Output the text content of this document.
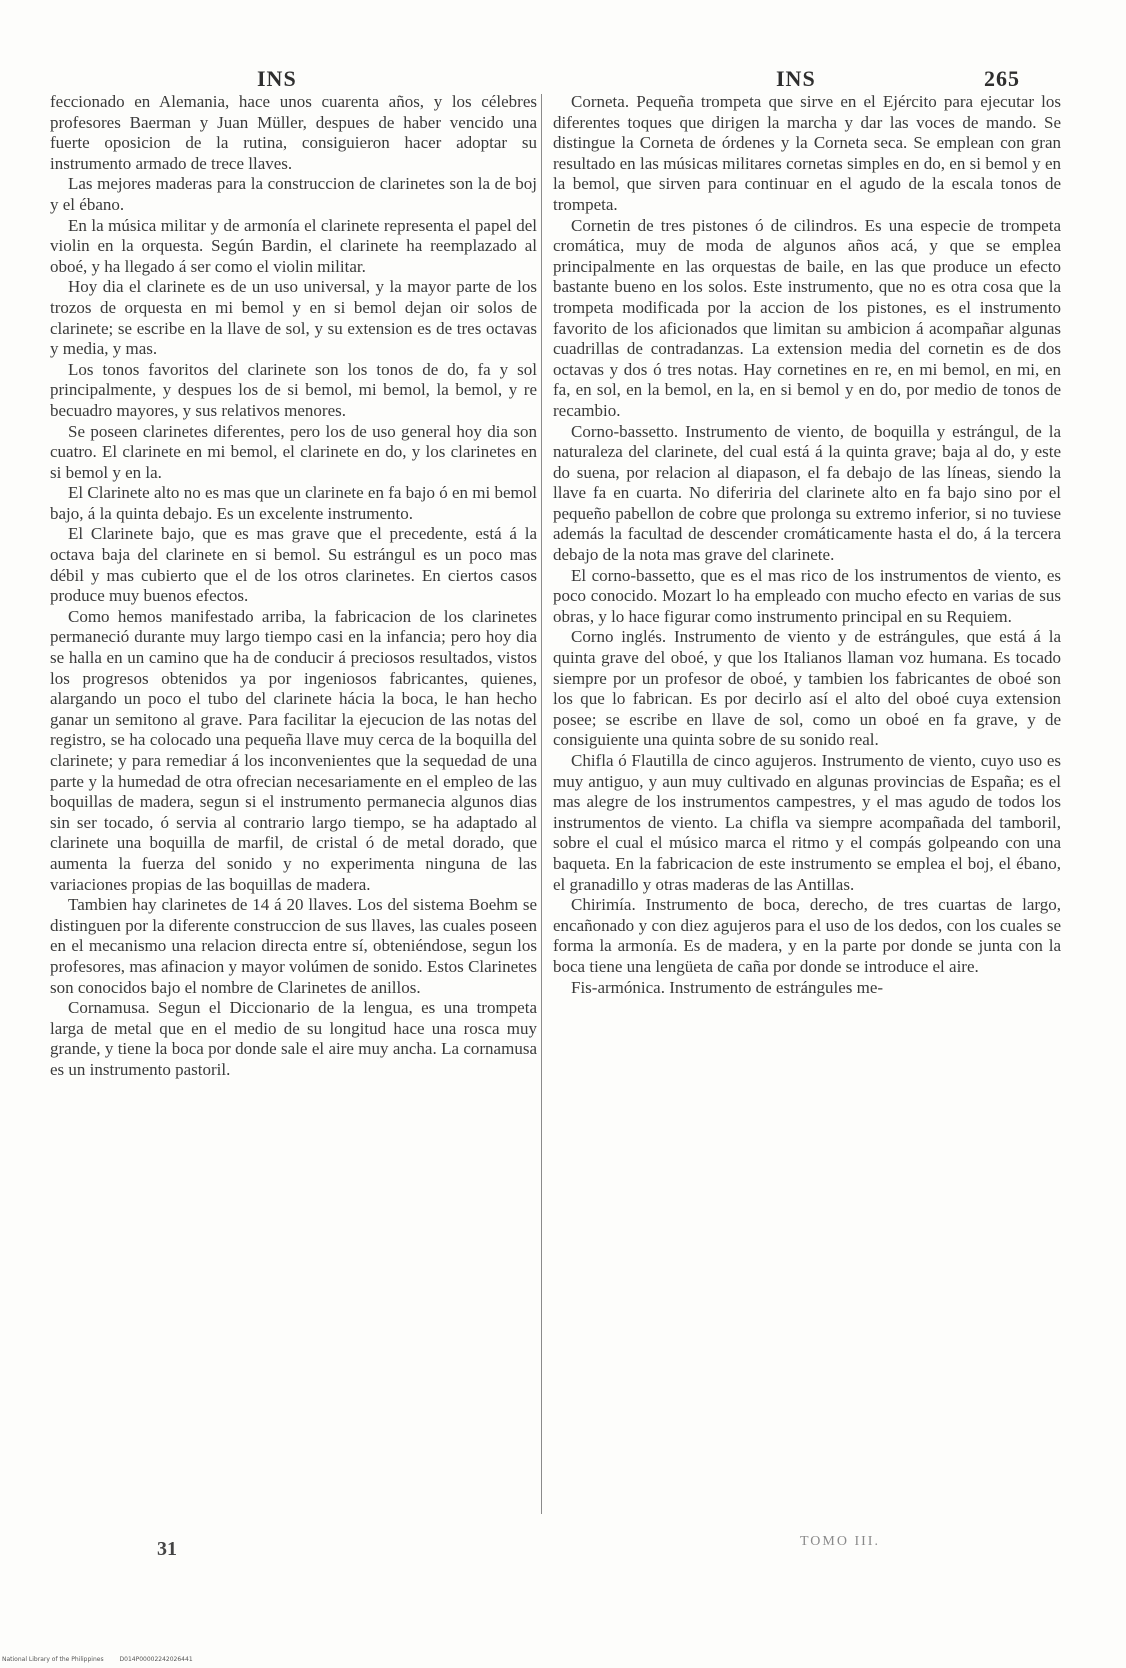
INS	INS	265

feccionado en Alemania, hace unos cuarenta años, y los célebres profesores Baerman y Juan Müller, despues de haber vencido una fuerte oposicion de la rutina, consiguieron hacer adoptar su instrumento armado de trece llaves.

Las mejores maderas para la construccion de clarinetes son la de boj y el ébano.

En la música militar y de armonía el clarinete representa el papel del violin en la orquesta. Según Bardin, el clarinete ha reemplazado al oboé, y ha llegado á ser como el violin militar.

Hoy dia el clarinete es de un uso universal, y la mayor parte de los trozos de orquesta en mi bemol y en si bemol dejan oir solos de clarinete; se escribe en la llave de sol, y su extension es de tres octavas y media, y mas.

Los tonos favoritos del clarinete son los tonos de do, fa y sol principalmente, y despues los de si bemol, mi bemol, la bemol, y re becuadro mayores, y sus relativos menores.

Se poseen clarinetes diferentes, pero los de uso general hoy dia son cuatro. El clarinete en mi bemol, el clarinete en do, y los clarinetes en si bemol y en la.

El Clarinete alto no es mas que un clarinete en fa bajo ó en mi bemol bajo, á la quinta debajo. Es un excelente instrumento.

El Clarinete bajo, que es mas grave que el precedente, está á la octava baja del clarinete en si bemol. Su estrángul es un poco mas débil y mas cubierto que el de los otros clarinetes. En ciertos casos produce muy buenos efectos.

Como hemos manifestado arriba, la fabricacion de los clarinetes permaneció durante muy largo tiempo casi en la infancia; pero hoy dia se halla en un camino que ha de conducir á preciosos resultados, vistos los progresos obtenidos ya por ingeniosos fabricantes, quienes, alargando un poco el tubo del clarinete hácia la boca, le han hecho ganar un semitono al grave. Para facilitar la ejecucion de las notas del registro, se ha colocado una pequeña llave muy cerca de la boquilla del clarinete; y para remediar á los inconvenientes que la sequedad de una parte y la humedad de otra ofrecian necesariamente en el empleo de las boquillas de madera, segun si el instrumento permanecia algunos dias sin ser tocado, ó servia al contrario largo tiempo, se ha adaptado al clarinete una boquilla de marfil, de cristal ó de metal dorado, que aumenta la fuerza del sonido y no experimenta ninguna de las variaciones propias de las boquillas de madera.

Tambien hay clarinetes de 14 á 20 llaves. Los del sistema Boehm se distinguen por la diferente construccion de sus llaves, las cuales poseen en el mecanismo una relacion directa entre sí, obteniéndose, segun los profesores, mas afinacion y mayor volúmen de sonido. Estos Clarinetes son conocidos bajo el nombre de Clarinetes de anillos.

Cornamusa. Segun el Diccionario de la lengua, es una trompeta larga de metal que en el medio de su longitud hace una rosca muy grande, y tiene la boca por donde sale el aire muy ancha. La cornamusa es un instrumento pastoril.

Corneta. Pequeña trompeta que sirve en el Ejército para ejecutar los diferentes toques que dirigen la marcha y dar las voces de mando. Se distingue la Corneta de órdenes y la Corneta seca. Se emplean con gran resultado en las músicas militares cornetas simples en do, en si bemol y en la bemol, que sirven para continuar en el agudo de la escala tonos de trompeta.

Cornetin de tres pistones ó de cilindros. Es una especie de trompeta cromática, muy de moda de algunos años acá, y que se emplea principalmente en las orquestas de baile, en las que produce un efecto bastante bueno en los solos. Este instrumento, que no es otra cosa que la trompeta modificada por la accion de los pistones, es el instrumento favorito de los aficionados que limitan su ambicion á acompañar algunas cuadrillas de contradanzas. La extension media del cornetin es de dos octavas y dos ó tres notas. Hay cornetines en re, en mi bemol, en mi, en fa, en sol, en la bemol, en la, en si bemol y en do, por medio de tonos de recambio.

Corno-bassetto. Instrumento de viento, de boquilla y estrángul, de la naturaleza del clarinete, del cual está á la quinta grave; baja al do, y este do suena, por relacion al diapason, el fa debajo de las líneas, siendo la llave fa en cuarta. No diferiria del clarinete alto en fa bajo sino por el pequeño pabellon de cobre que prolonga su extremo inferior, si no tuviese además la facultad de descender cromáticamente hasta el do, á la tercera debajo de la nota mas grave del clarinete.

El corno-bassetto, que es el mas rico de los instrumentos de viento, es poco conocido. Mozart lo ha empleado con mucho efecto en varias de sus obras, y lo hace figurar como instrumento principal en su Requiem.

Corno inglés. Instrumento de viento y de estrángules, que está á la quinta grave del oboé, y que los Italianos llaman voz humana. Es tocado siempre por un profesor de oboé, y tambien los fabricantes de oboé son los que lo fabrican. Es por decirlo así el alto del oboé cuya extension posee; se escribe en llave de sol, como un oboé en fa grave, y de consiguiente una quinta sobre de su sonido real.

Chifla ó Flautilla de cinco agujeros. Instrumento de viento, cuyo uso es muy antiguo, y aun muy cultivado en algunas provincias de España; es el mas alegre de los instrumentos campestres, y el mas agudo de todos los instrumentos de viento. La chifla va siempre acompañada del tamboril, sobre el cual el músico marca el ritmo y el compás golpeando con una baqueta. En la fabricacion de este instrumento se emplea el boj, el ébano, el granadillo y otras maderas de las Antillas.

Chirimía. Instrumento de boca, derecho, de tres cuartas de largo, encañonado y con diez agujeros para el uso de los dedos, con los cuales se forma la armonía. Es de madera, y en la parte por donde se junta con la boca tiene una lengüeta de caña por donde se introduce el aire.

Fis-armónica. Instrumento de estrángules me-

31	TOMO III.
National Library of the Philippines	D014P00002242026441
